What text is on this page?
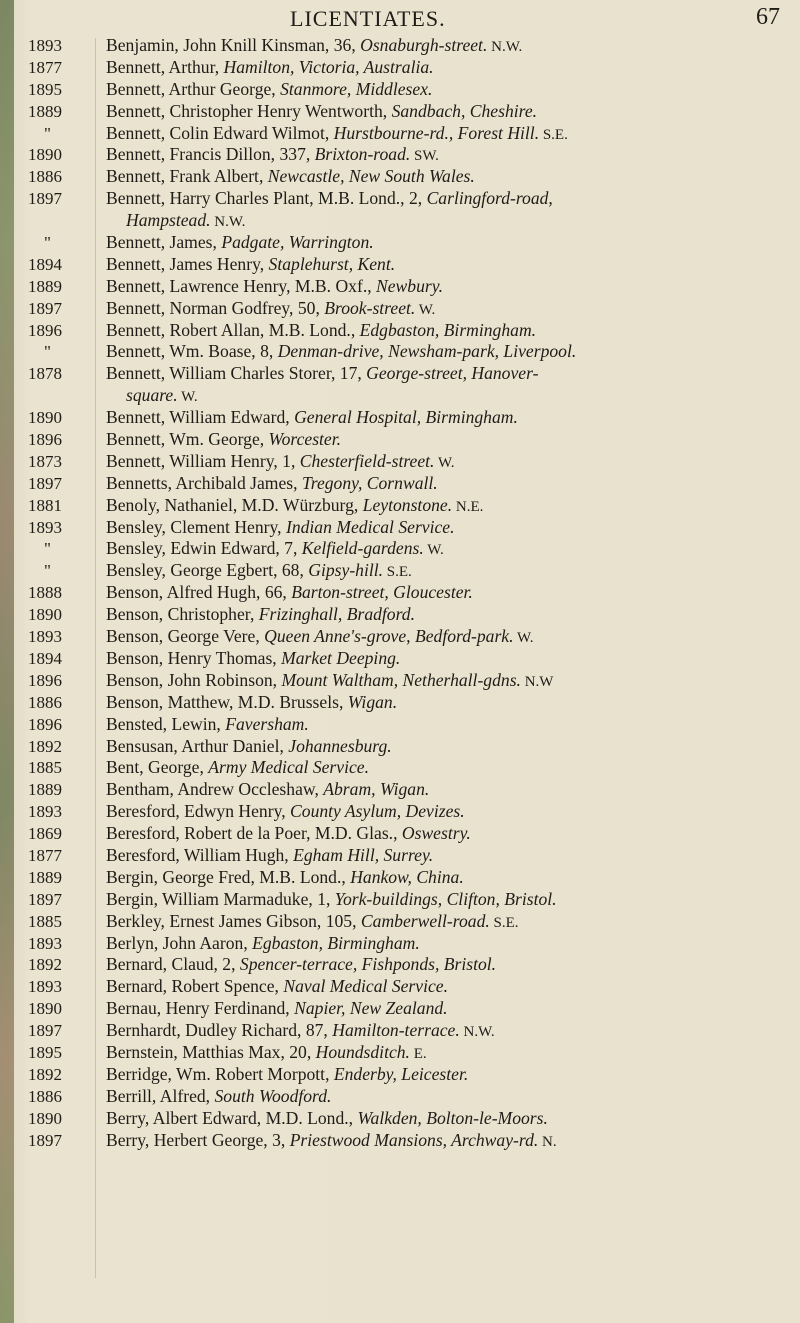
LICENTIATES.	67
1893	Benjamin, John Knill Kinsman, 36, Osnaburgh-street. N.W.
1877	Bennett, Arthur, Hamilton, Victoria, Australia.
1895	Bennett, Arthur George, Stanmore, Middlesex.
1889	Bennett, Christopher Henry Wentworth, Sandbach, Cheshire.
"	Bennett, Colin Edward Wilmot, Hurstbourne-rd., Forest Hill. S.E.
1890	Bennett, Francis Dillon, 337, Brixton-road. SW.
1886	Bennett, Frank Albert, Newcastle, New South Wales.
1897	Bennett, Harry Charles Plant, M.B. Lond., 2, Carlingford-road,
Hampstead. N.W.
"	Bennett, James, Padgate, Warrington.
1894	Bennett, James Henry, Staplehurst, Kent.
1889	Bennett, Lawrence Henry, M.B. Oxf., Newbury.
1897	Bennett, Norman Godfrey, 50, Brook-street. W.
1896	Bennett, Robert Allan, M.B. Lond., Edgbaston, Birmingham.
"	Bennett, Wm. Boase, 8, Denman-drive, Newsham-park, Liverpool.
1878	Bennett, William Charles Storer, 17, George-street, Hanover-
square. W.
1890	Bennett, William Edward, General Hospital, Birmingham.
1896	Bennett, Wm. George, Worcester.
1873	Bennett, William Henry, 1, Chesterfield-street. W.
1897	Bennetts, Archibald James, Tregony, Cornwall.
1881	Benoly, Nathaniel, M.D. Würzburg, Leytonstone. N.E.
1893	Bensley, Clement Henry, Indian Medical Service.
"	Bensley, Edwin Edward, 7, Kelfield-gardens. W.
"	Bensley, George Egbert, 68, Gipsy-hill. S.E.
1888	Benson, Alfred Hugh, 66, Barton-street, Gloucester.
1890	Benson, Christopher, Frizinghall, Bradford.
1893	Benson, George Vere, Queen Anne's-grove, Bedford-park. W.
1894	Benson, Henry Thomas, Market Deeping.
1896	Benson, John Robinson, Mount Waltham, Netherhall-gdns. N.W
1886	Benson, Matthew, M.D. Brussels, Wigan.
1896	Bensted, Lewin, Faversham.
1892	Bensusan, Arthur Daniel, Johannesburg.
1885	Bent, George, Army Medical Service.
1889	Bentham, Andrew Occleshaw, Abram, Wigan.
1893	Beresford, Edwyn Henry, County Asylum, Devizes.
1869	Beresford, Robert de la Poer, M.D. Glas., Oswestry.
1877	Beresford, William Hugh, Egham Hill, Surrey.
1889	Bergin, George Fred, M.B. Lond., Hankow, China.
1897	Bergin, William Marmaduke, 1, York-buildings, Clifton, Bristol.
1885	Berkley, Ernest James Gibson, 105, Camberwell-road. S.E.
1893	Berlyn, John Aaron, Egbaston, Birmingham.
1892	Bernard, Claud, 2, Spencer-terrace, Fishponds, Bristol.
1893	Bernard, Robert Spence, Naval Medical Service.
1890	Bernau, Henry Ferdinand, Napier, New Zealand.
1897	Bernhardt, Dudley Richard, 87, Hamilton-terrace. N.W.
1895	Bernstein, Matthias Max, 20, Houndsditch. E.
1892	Berridge, Wm. Robert Morpott, Enderby, Leicester.
1886	Berrill, Alfred, South Woodford.
1890	Berry, Albert Edward, M.D. Lond., Walkden, Bolton-le-Moors.
1897	Berry, Herbert George, 3, Priestwood Mansions, Archway-rd. N.
